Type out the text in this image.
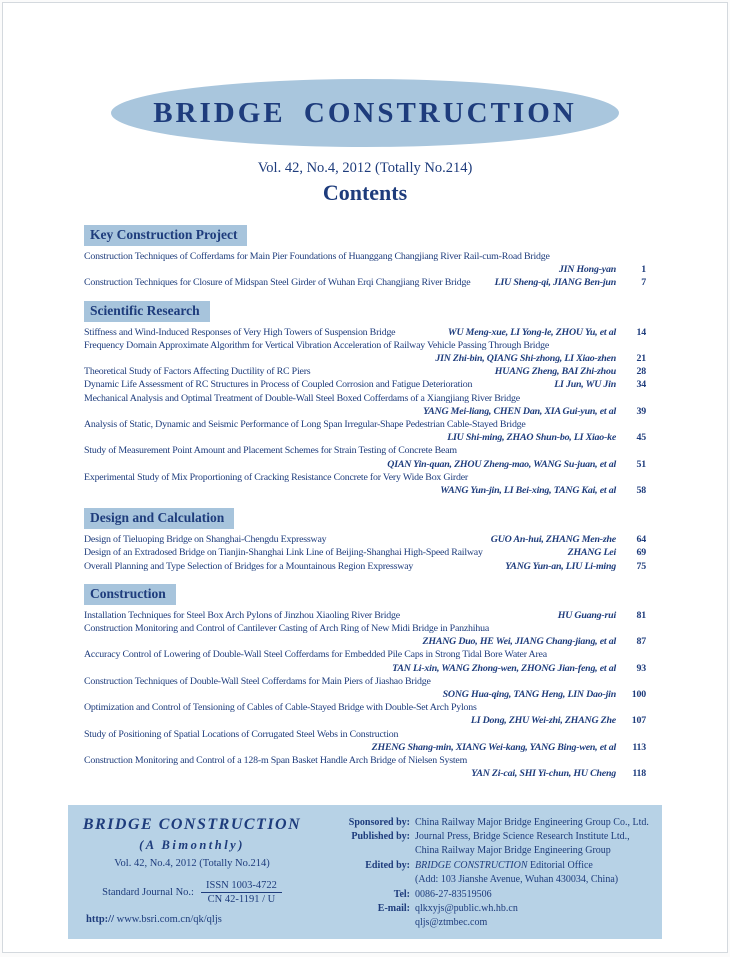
BRIDGE CONSTRUCTION
Vol. 42, No.4, 2012 (Totally No.214)
Contents
Key Construction Project
Construction Techniques of Cofferdams for Main Pier Foundations of Huanggang Changjiang River Rail-cum-Road Bridge
JIN Hong-yan	1
Construction Techniques for Closure of Midspan Steel Girder of Wuhan Erqi Changjiang River Bridge	LIU Sheng-qi, JIANG Ben-jun	7
Scientific Research
Stiffness and Wind-Induced Responses of Very High Towers of Suspension Bridge	WU Meng-xue, LI Yong-le, ZHOU Yu, et al	14
Frequency Domain Approximate Algorithm for Vertical Vibration Acceleration of Railway Vehicle Passing Through Bridge
JIN Zhi-bin, QIANG Shi-zhong, LI Xiao-zhen	21
Theoretical Study of Factors Affecting Ductility of RC Piers	HUANG Zheng, BAI Zhi-zhou	28
Dynamic Life Assessment of RC Structures in Process of Coupled Corrosion and Fatigue Deterioration	LI Jun, WU Jin	34
Mechanical Analysis and Optimal Treatment of Double-Wall Steel Boxed Cofferdams of a Xiangjiang River Bridge
YANG Mei-liang, CHEN Dan, XIA Gui-yun, et al	39
Analysis of Static, Dynamic and Seismic Performance of Long Span Irregular-Shape Pedestrian Cable-Stayed Bridge
LIU Shi-ming, ZHAO Shun-bo, LI Xiao-ke	45
Study of Measurement Point Amount and Placement Schemes for Strain Testing of Concrete Beam
QIAN Yin-quan, ZHOU Zheng-mao, WANG Su-juan, et al	51
Experimental Study of Mix Proportioning of Cracking Resistance Concrete for Very Wide Box Girder
WANG Yun-jin, LI Bei-xing, TANG Kai, et al	58
Design and Calculation
Design of Tieluoping Bridge on Shanghai-Chengdu Expressway	GUO An-hui, ZHANG Men-zhe	64
Design of an Extradosed Bridge on Tianjin-Shanghai Link Line of Beijing-Shanghai High-Speed Railway	ZHANG Lei	69
Overall Planning and Type Selection of Bridges for a Mountainous Region Expressway	YANG Yun-an, LIU Li-ming	75
Construction
Installation Techniques for Steel Box Arch Pylons of Jinzhou Xiaoling River Bridge	HU Guang-rui	81
Construction Monitoring and Control of Cantilever Casting of Arch Ring of New Midi Bridge in Panzhihua
ZHANG Duo, HE Wei, JIANG Chang-jiang, et al	87
Accuracy Control of Lowering of Double-Wall Steel Cofferdams for Embedded Pile Caps in Strong Tidal Bore Water Area
TAN Li-xin, WANG Zhong-wen, ZHONG Jian-feng, et al	93
Construction Techniques of Double-Wall Steel Cofferdams for Main Piers of Jiashao Bridge
SONG Hua-qing, TANG Heng, LIN Dao-jin	100
Optimization and Control of Tensioning of Cables of Cable-Stayed Bridge with Double-Set Arch Pylons
LI Dong, ZHU Wei-zhi, ZHANG Zhe	107
Study of Positioning of Spatial Locations of Corrugated Steel Webs in Construction
ZHENG Shang-min, XIANG Wei-kang, YANG Bing-wen, et al	113
Construction Monitoring and Control of a 128-m Span Basket Handle Arch Bridge of Nielsen System
YAN Zi-cai, SHI Yi-chun, HU Cheng	118
BRIDGE CONSTRUCTION
(A Bimonthly)
Vol. 42, No.4, 2012 (Totally No.214)
Standard Journal No.: $\frac{\text{ISSN 1003-4722}}{CN 42-1191 / U}$
http:// www.bsri.com.cn/qk/qljs
Sponsored by: China Railway Major Bridge Engineering Group Co., Ltd.
Published by: Journal Press, Bridge Science Research Institute Ltd.,
China Railway Major Bridge Engineering Group
Edited by: BRIDGE CONSTRUCTION Editorial Office
(Add: 103 Jianshe Avenue, Wuhan 430034, China)
Tel: 0086-27-83519506
E-mail: qlkxyjs@public.wh.hb.cn
qljs@ztmbec.com
